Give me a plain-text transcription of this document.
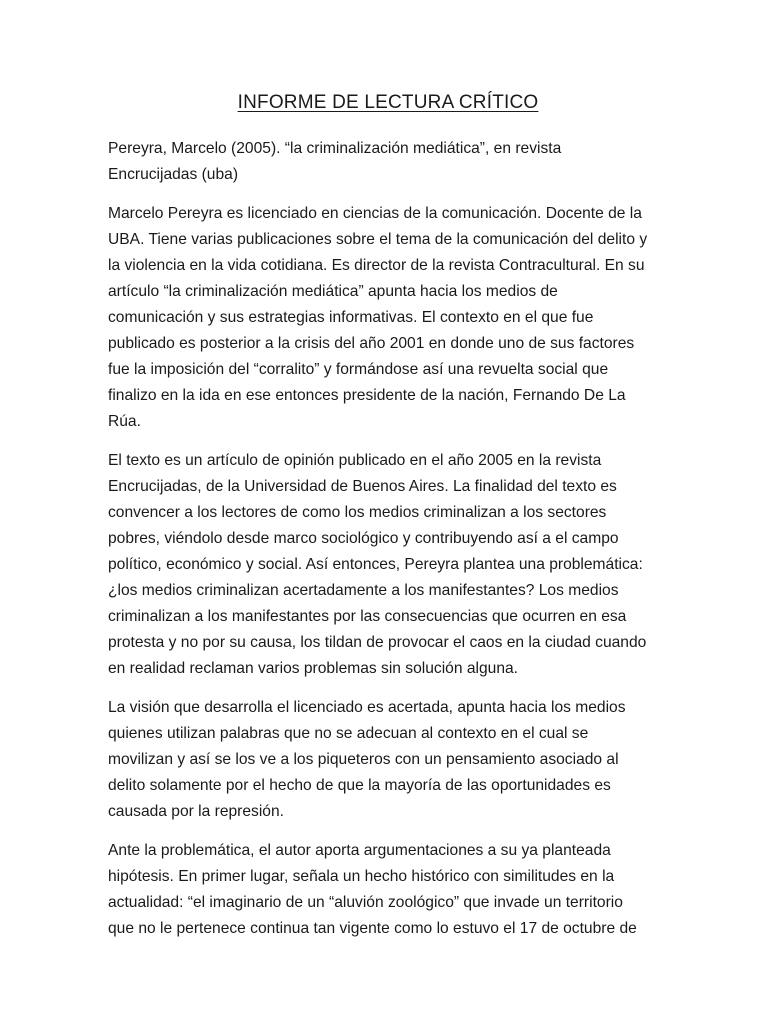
INFORME DE LECTURA CRÍTICO
Pereyra, Marcelo (2005). “la criminalización mediática”, en revista
Encrucijadas (uba)
Marcelo Pereyra es licenciado en ciencias de la comunicación. Docente de la
UBA. Tiene varias publicaciones sobre el tema de la comunicación del delito y
la violencia en la vida cotidiana. Es director de la revista Contracultural. En su
artículo “la criminalización mediática” apunta hacia los medios de
comunicación y sus estrategias informativas. El contexto en el que fue
publicado es posterior a la crisis del año 2001 en donde uno de sus factores
fue la imposición del “corralito” y formándose así una revuelta social que
finalizo en la ida en ese entonces presidente de la nación, Fernando De La
Rúa.
El texto es un artículo de opinión publicado en el año 2005 en la revista
Encrucijadas, de la Universidad de Buenos Aires. La finalidad del texto es
convencer a los lectores de como los medios criminalizan a los sectores
pobres, viéndolo desde marco sociológico y contribuyendo así a el campo
político, económico y social. Así entonces, Pereyra plantea una problemática:
¿los medios criminalizan acertadamente a los manifestantes? Los medios
criminalizan a los manifestantes por las consecuencias que ocurren en esa
protesta y no por su causa, los tildan de provocar el caos en la ciudad cuando
en realidad reclaman varios problemas sin solución alguna.
La visión que desarrolla el licenciado es acertada, apunta hacia los medios
quienes utilizan palabras que no se adecuan al contexto en el cual se
movilizan y así se los ve a los piqueteros con un pensamiento asociado al
delito solamente por el hecho de que la mayoría de las oportunidades es
causada por la represión.
Ante la problemática, el autor aporta argumentaciones a su ya planteada
hipótesis. En primer lugar, señala un hecho histórico con similitudes en la
actualidad: “el imaginario de un “aluvión zoológico” que invade un territorio
que no le pertenece continua tan vigente como lo estuvo el 17 de octubre de
